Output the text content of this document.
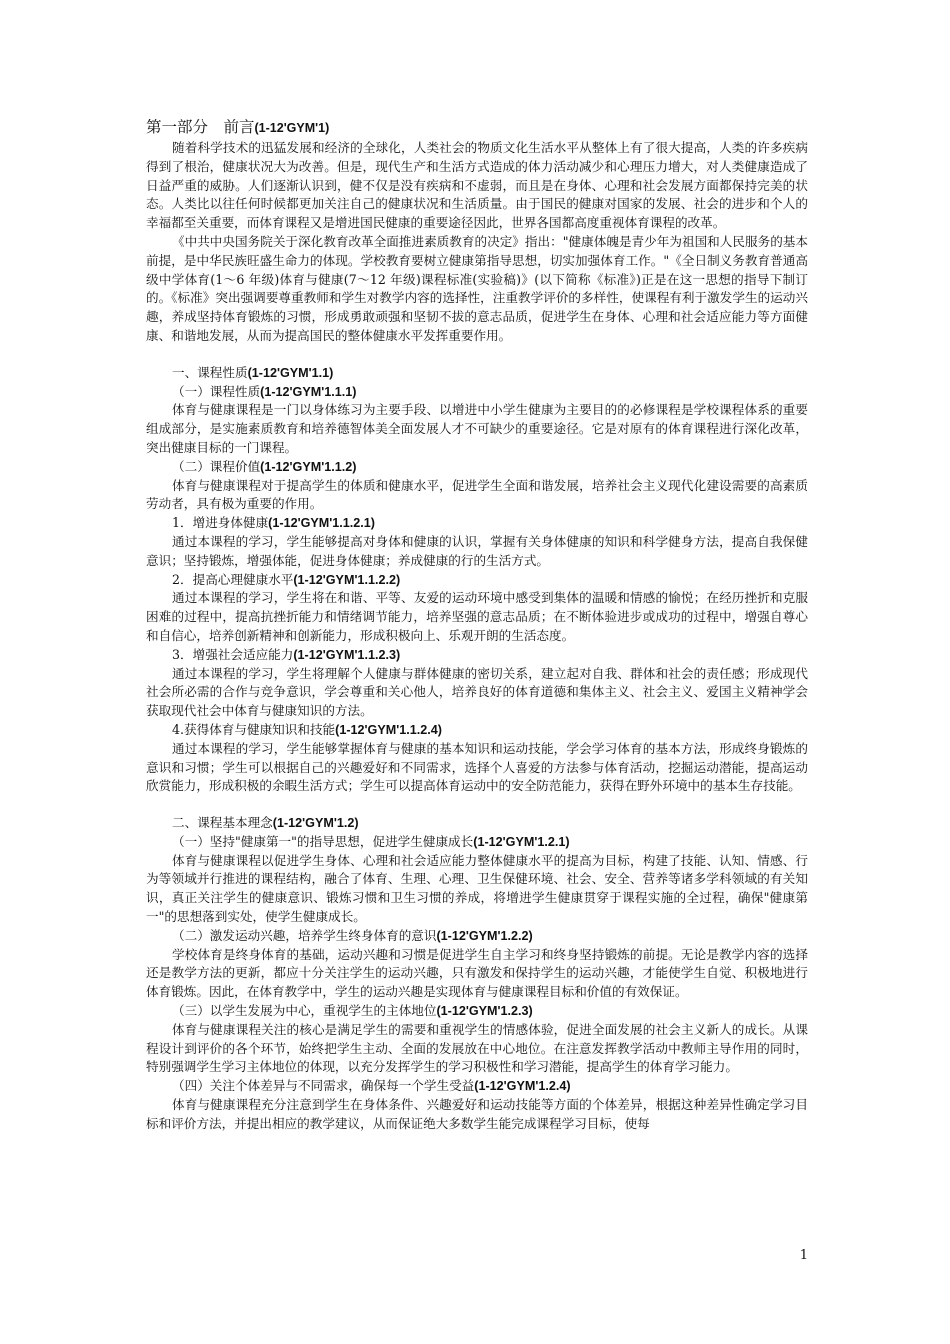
第一部分　前言(1-12'GYM'1)

随着科学技术的迅猛发展和经济的全球化，人类社会的物质文化生活水平从整体上有了很大提高，人类的许多疾病得到了根治，健康状况大为改善。但是，现代生产和生活方式造成的体力活动减少和心理压力增大，对人类健康造成了日益严重的威胁。人们逐渐认识到，健不仅是没有疾病和不虚弱，而且是在身体、心理和社会发展方面都保持完美的状态。人类比以往任何时候都更加关注自己的健康状况和生活质量。由于国民的健康对国家的发展、社会的进步和个人的幸福都至关重要，而体育课程又是增进国民健康的重要途径因此，世界各国都高度重视体育课程的改革。

《中共中央国务院关于深化教育改革全面推进素质教育的决定》指出："健康体魄是青少年为祖国和人民服务的基本前提，是中华民族旺盛生命力的体现。学校教育要树立健康第指导思想，切实加强体育工作。"《全日制义务教育普通高级中学体育(1～6 年级)体育与健康(7～12 年级)课程标准(实验稿)》(以下简称《标准》)正是在这一思想的指导下制订的。《标准》突出强调要尊重教师和学生对教学内容的选择性，注重教学评价的多样性，使课程有利于激发学生的运动兴趣，养成坚持体育锻炼的习惯，形成勇敢顽强和坚韧不拔的意志品质，促进学生在身体、心理和社会适应能力等方面健康、和谐地发展，从而为提高国民的整体健康水平发挥重要作用。

一、课程性质(1-12'GYM'1.1)
（一）课程性质(1-12'GYM'1.1.1)

体育与健康课程是一门以身体练习为主要手段、以增进中小学生健康为主要目的的必修课程是学校课程体系的重要组成部分，是实施素质教育和培养德智体美全面发展人才不可缺少的重要途径。它是对原有的体育课程进行深化改革，突出健康目标的一门课程。

（二）课程价值(1-12'GYM'1.1.2)

体育与健康课程对于提高学生的体质和健康水平，促进学生全面和谐发展，培养社会主义现代化建设需要的高素质劳动者，具有极为重要的作用。

1．增进身体健康(1-12'GYM'1.1.2.1)

通过本课程的学习，学生能够提高对身体和健康的认识，掌握有关身体健康的知识和科学健身方法，提高自我保健意识；坚持锻炼，增强体能，促进身体健康；养成健康的行的生活方式。

2．提高心理健康水平(1-12'GYM'1.1.2.2)

通过本课程的学习，学生将在和谐、平等、友爱的运动环境中感受到集体的温暖和情感的愉悦；在经历挫折和克服困难的过程中，提高抗挫折能力和情绪调节能力，培养坚强的意志品质；在不断体验进步或成功的过程中，增强自尊心和自信心，培养创新精神和创新能力，形成积极向上、乐观开朗的生活态度。

3．增强社会适应能力(1-12'GYM'1.1.2.3)

通过本课程的学习，学生将理解个人健康与群体健康的密切关系，建立起对自我、群体和社会的责任感；形成现代社会所必需的合作与竞争意识，学会尊重和关心他人，培养良好的体育道德和集体主义、社会主义、爱国主义精神学会获取现代社会中体育与健康知识的方法。

4.获得体育与健康知识和技能(1-12'GYM'1.1.2.4)

通过本课程的学习，学生能够掌握体育与健康的基本知识和运动技能，学会学习体育的基本方法，形成终身锻炼的意识和习惯；学生可以根据自己的兴趣爱好和不同需求，选择个人喜爱的方法参与体育活动，挖掘运动潜能，提高运动欣赏能力，形成积极的余暇生活方式；学生可以提高体育运动中的安全防范能力，获得在野外环境中的基本生存技能。

二、课程基本理念(1-12'GYM'1.2)
（一）坚持"健康第一"的指导思想，促进学生健康成长(1-12'GYM'1.2.1)

体育与健康课程以促进学生身体、心理和社会适应能力整体健康水平的提高为目标，构建了技能、认知、情感、行为等领域并行推进的课程结构，融合了体育、生理、心理、卫生保健环境、社会、安全、营养等诸多学科领域的有关知识，真正关注学生的健康意识、锻炼习惯和卫生习惯的养成，将增进学生健康贯穿于课程实施的全过程，确保"健康第一"的思想落到实处，使学生健康成长。

（二）激发运动兴趣，培养学生终身体育的意识(1-12'GYM'1.2.2)

学校体育是终身体育的基础，运动兴趣和习惯是促进学生自主学习和终身坚持锻炼的前提。无论是教学内容的选择还是教学方法的更新，都应十分关注学生的运动兴趣，只有激发和保持学生的运动兴趣，才能使学生自觉、积极地进行体育锻炼。因此，在体育教学中，学生的运动兴趣是实现体育与健康课程目标和价值的有效保证。

（三）以学生发展为中心，重视学生的主体地位(1-12'GYM'1.2.3)

体育与健康课程关注的核心是满足学生的需要和重视学生的情感体验，促进全面发展的社会主义新人的成长。从课程设计到评价的各个环节，始终把学生主动、全面的发展放在中心地位。在注意发挥教学活动中教师主导作用的同时，特别强调学生学习主体地位的体现，以充分发挥学生的学习积极性和学习潜能，提高学生的体育学习能力。

（四）关注个体差异与不同需求，确保每一个学生受益(1-12'GYM'1.2.4)

体育与健康课程充分注意到学生在身体条件、兴趣爱好和运动技能等方面的个体差异，根据这种差异性确定学习目标和评价方法，并提出相应的教学建议，从而保证绝大多数学生能完成课程学习目标，使每

1
